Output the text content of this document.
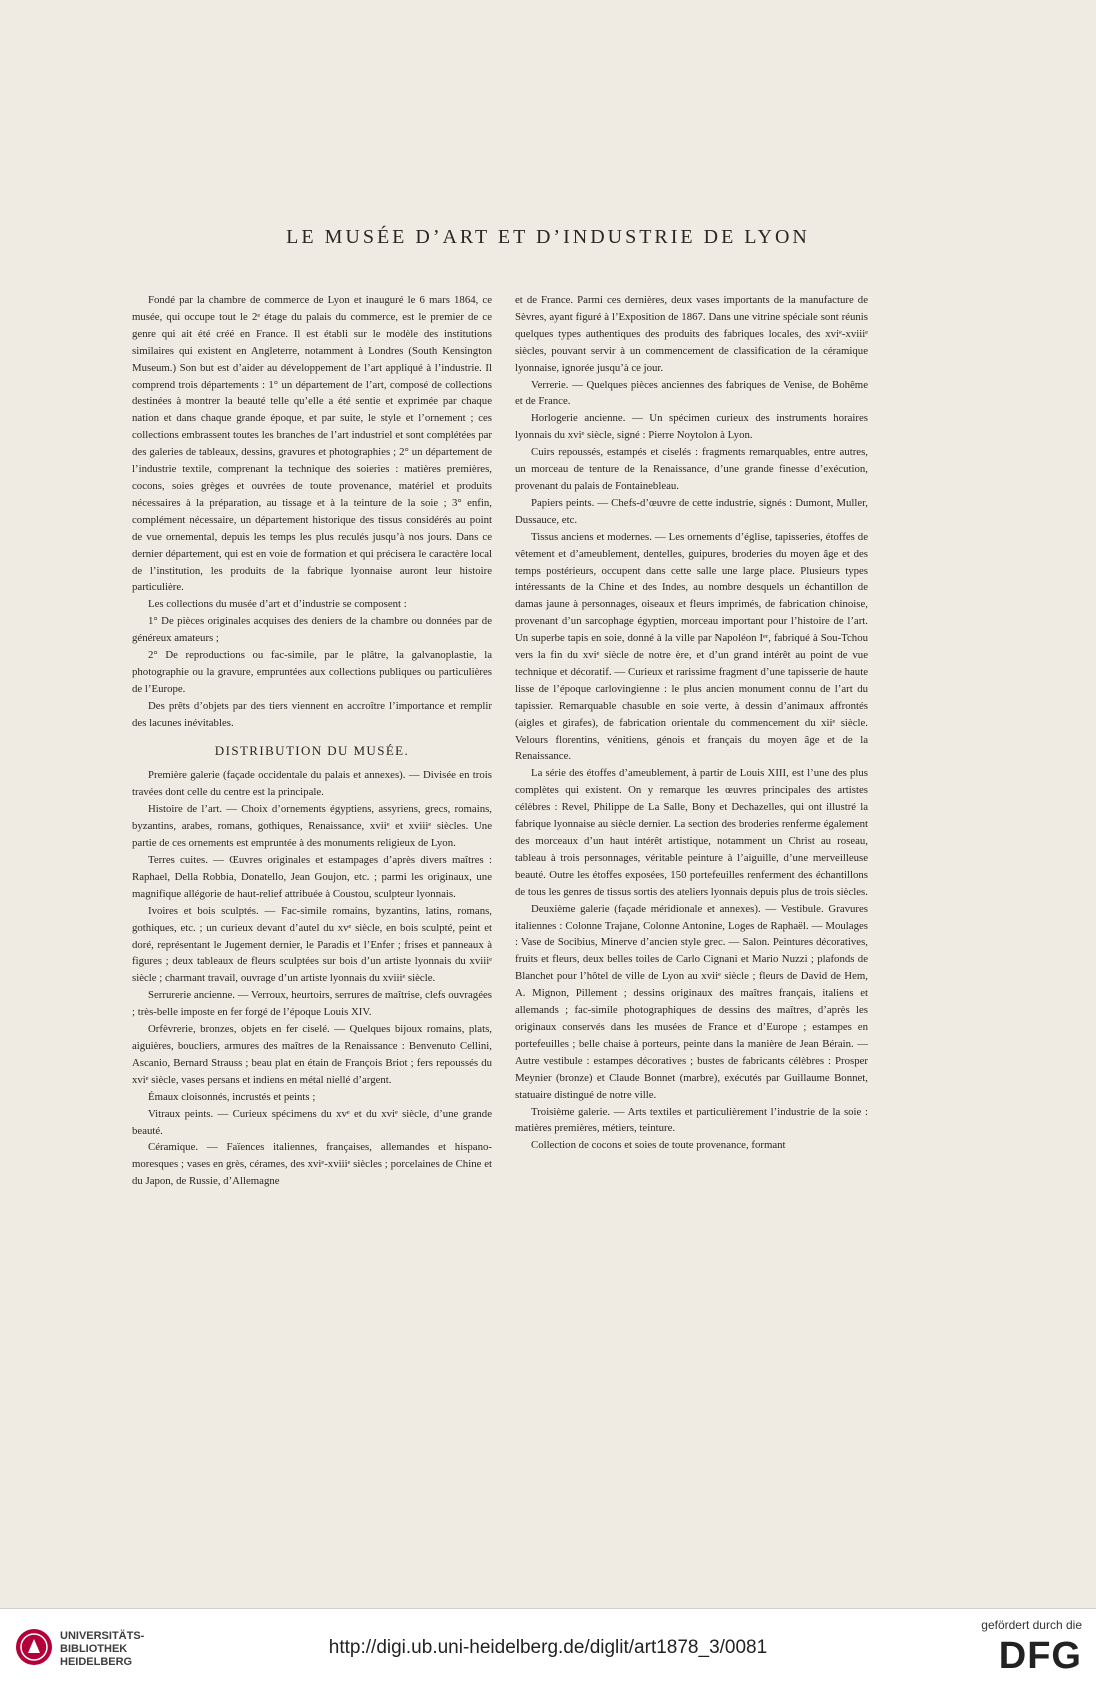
LE MUSÉE D’ART ET D’INDUSTRIE DE LYON

Fondé par la chambre de commerce de Lyon et inauguré le 6 mars 1864, ce musée, qui occupe tout le 2ᵉ étage du palais du commerce, est le premier de ce genre qui ait été créé en France. Il est établi sur le modèle des institutions similaires qui existent en Angleterre, notamment à Londres (South Kensington Museum.) Son but est d’aider au développement de l’art appliqué à l’industrie. Il comprend trois départements : 1° un département de l’art, composé de collections destinées à montrer la beauté telle qu’elle a été sentie et exprimée par chaque nation et dans chaque grande époque, et par suite, le style et l’ornement ; ces collections embrassent toutes les branches de l’art industriel et sont complétées par des galeries de tableaux, dessins, gravures et photographies ; 2° un département de l’industrie textile, comprenant la technique des soieries : matières premières, cocons, soies grèges et ouvrées de toute provenance, matériel et produits nécessaires à la préparation, au tissage et à la teinture de la soie ; 3° enfin, complément nécessaire, un département historique des tissus considérés au point de vue ornemental, depuis les temps les plus reculés jusqu’à nos jours. Dans ce dernier département, qui est en voie de formation et qui précisera le caractère local de l’institution, les produits de la fabrique lyonnaise auront leur histoire particulière.

Les collections du musée d’art et d’industrie se composent :

1° De pièces originales acquises des deniers de la chambre ou données par de généreux amateurs ;

2° De reproductions ou fac-simile, par le plâtre, la galvanoplastie, la photographie ou la gravure, empruntées aux collections publiques ou particulières de l’Europe.

Des prêts d’objets par des tiers viennent en accroître l’importance et remplir des lacunes inévitables.

DISTRIBUTION DU MUSÉE.

Première galerie (façade occidentale du palais et annexes). — Divisée en trois travées dont celle du centre est la principale.

Histoire de l’art. — Choix d’ornements égyptiens, assyriens, grecs, romains, byzantins, arabes, romans, gothiques, Renaissance, xviiᵉ et xviiiᵉ siècles. Une partie de ces ornements est empruntée à des monuments religieux de Lyon.

Terres cuites. — Œuvres originales et estampages d’après divers maîtres : Raphael, Della Robbia, Donatello, Jean Goujon, etc. ; parmi les originaux, une magnifique allégorie de haut-relief attribuée à Coustou, sculpteur lyonnais.

Ivoires et bois sculptés. — Fac-simile romains, byzantins, latins, romans, gothiques, etc. ; un curieux devant d’autel du xvᵉ siècle, en bois sculpté, peint et doré, représentant le Jugement dernier, le Paradis et l’Enfer ; frises et panneaux à figures ; deux tableaux de fleurs sculptées sur bois d’un artiste lyonnais du xviiiᵉ siècle ; charmant travail, ouvrage d’un artiste lyonnais du xviiiᵉ siècle.

Serrurerie ancienne. — Verroux, heurtoirs, serrures de maîtrise, clefs ouvragées ; très-belle imposte en fer forgé de l’époque Louis XIV.

Orfèvrerie, bronzes, objets en fer ciselé. — Quelques bijoux romains, plats, aiguières, boucliers, armures des maîtres de la Renaissance : Benvenuto Cellini, Ascanio, Bernard Strauss ; beau plat en étain de François Briot ; fers repoussés du xviᵉ siècle, vases persans et indiens en métal niellé d’argent.

Émaux cloisonnés, incrustés et peints ;

Vitraux peints. — Curieux spécimens du xvᵉ et du xviᵉ siècle, d’une grande beauté.

Céramique. — Faïences italiennes, françaises, allemandes et hispano-moresques ; vases en grès, cérames, des xviᵉ-xviiiᵉ siècles ; porcelaines de Chine et du Japon, de Russie, d’Allemagne

et de France. Parmi ces dernières, deux vases importants de la manufacture de Sèvres, ayant figuré à l’Exposition de 1867. Dans une vitrine spéciale sont réunis quelques types authentiques des produits des fabriques locales, des xviᵉ-xviiiᵉ siècles, pouvant servir à un commencement de classification de la céramique lyonnaise, ignorée jusqu’à ce jour.

Verrerie. — Quelques pièces anciennes des fabriques de Venise, de Bohême et de France.

Horlogerie ancienne. — Un spécimen curieux des instruments horaires lyonnais du xviᵉ siècle, signé : Pierre Noytolon à Lyon.

Cuirs repoussés, estampés et ciselés : fragments remarquables, entre autres, un morceau de tenture de la Renaissance, d’une grande finesse d’exécution, provenant du palais de Fontainebleau.

Papiers peints. — Chefs-d’œuvre de cette industrie, signés : Dumont, Muller, Dussauce, etc.

Tissus anciens et modernes. — Les ornements d’église, tapisseries, étoffes de vêtement et d’ameublement, dentelles, guipures, broderies du moyen âge et des temps postérieurs, occupent dans cette salle une large place. Plusieurs types intéressants de la Chine et des Indes, au nombre desquels un échantillon de damas jaune à personnages, oiseaux et fleurs imprimés, de fabrication chinoise, provenant d’un sarcophage égyptien, morceau important pour l’histoire de l’art. Un superbe tapis en soie, donné à la ville par Napoléon Iᵉʳ, fabriqué à Sou-Tchou vers la fin du xviᵉ siècle de notre ère, et d’un grand intérêt au point de vue technique et décoratif. — Curieux et rarissime fragment d’une tapisserie de haute lisse de l’époque carlovingienne : le plus ancien monument connu de l’art du tapissier. Remarquable chasuble en soie verte, à dessin d’animaux affrontés (aigles et girafes), de fabrication orientale du commencement du xiiᵉ siècle. Velours florentins, vénitiens, génois et français du moyen âge et de la Renaissance.

La série des étoffes d’ameublement, à partir de Louis XIII, est l’une des plus complètes qui existent. On y remarque les œuvres principales des artistes célèbres : Revel, Philippe de La Salle, Bony et Dechazelles, qui ont illustré la fabrique lyonnaise au siècle dernier. La section des broderies renferme également des morceaux d’un haut intérêt artistique, notamment un Christ au roseau, tableau à trois personnages, véritable peinture à l’aiguille, d’une merveilleuse beauté. Outre les étoffes exposées, 150 portefeuilles renferment des échantillons de tous les genres de tissus sortis des ateliers lyonnais depuis plus de trois siècles.

Deuxième galerie (façade méridionale et annexes). — Vestibule. Gravures italiennes : Colonne Trajane, Colonne Antonine, Loges de Raphaël. — Moulages : Vase de Socibius, Minerve d’ancien style grec. — Salon. Peintures décoratives, fruits et fleurs, deux belles toiles de Carlo Cignani et Mario Nuzzi ; plafonds de Blanchet pour l’hôtel de ville de Lyon au xviiᵉ siècle ; fleurs de David de Hem, A. Mignon, Pillement ; dessins originaux des maîtres français, italiens et allemands ; fac-simile photographiques de dessins des maîtres, d’après les originaux conservés dans les musées de France et d’Europe ; estampes en portefeuilles ; belle chaise à porteurs, peinte dans la manière de Jean Bérain. — Autre vestibule : estampes décoratives ; bustes de fabricants célèbres : Prosper Meynier (bronze) et Claude Bonnet (marbre), exécutés par Guillaume Bonnet, statuaire distingué de notre ville.

Troisième galerie. — Arts textiles et particulièrement l’industrie de la soie : matières premières, métiers, teinture.

Collection de cocons et soies de toute provenance, formant

UNIVERSITÄTS-
BIBLIOTHEK
HEIDELBERG
http://digi.ub.uni-heidelberg.de/diglit/art1878_3/0081
gefördert durch die
DFG
